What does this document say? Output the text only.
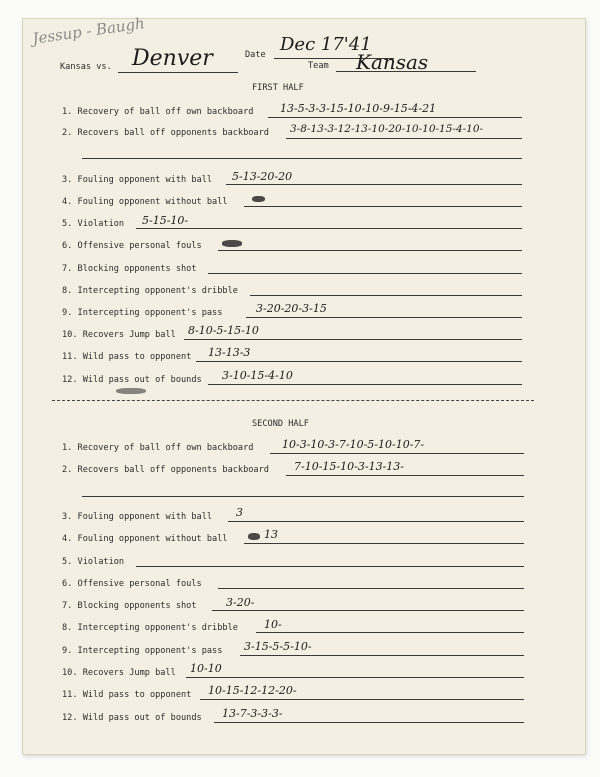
Jessup - Baugh
Kansas vs. Denver	Date Dec 17'41
Team Kansas
FIRST HALF
1. Recovery of ball off own backboard 13-5-3-3-15-10-10-9-15-4-21
2. Recovers ball off opponents backboard 3-8-13-3-12-13-10-20-10-10-15-4-10-
3. Fouling opponent with ball 5-13-20-20
4. Fouling opponent without ball
5. Violation 5-15-10-
6. Offensive personal fouls
7. Blocking opponents shot
8. Intercepting opponent's dribble
9. Intercepting opponent's pass	3-20-20-3-15
10. Recovers Jump ball 8-10-5-15-10
11. Wild pass to opponent 13-13-3
12. Wild pass out of bounds 3-10-15-4-10
SECOND HALF
1. Recovery of ball off own backboard	10-3-10-3-7-10-5-10-10-7-
2. Recovers ball off opponents backboard 7-10-15-10-3-13-13-
3. Fouling opponent with ball 3
4. Fouling opponent without ball	13
5. Violation
6. Offensive personal fouls
7. Blocking opponents shot	3-20-
8. Intercepting opponent's dribble 10-
9. Intercepting opponent's pass 3-15-5-5-10-
10. Recovers Jump ball 10-10
11. Wild pass to opponent 10-15-12-12-20-
12. Wild pass out of bounds 13-7-3-3-3-
